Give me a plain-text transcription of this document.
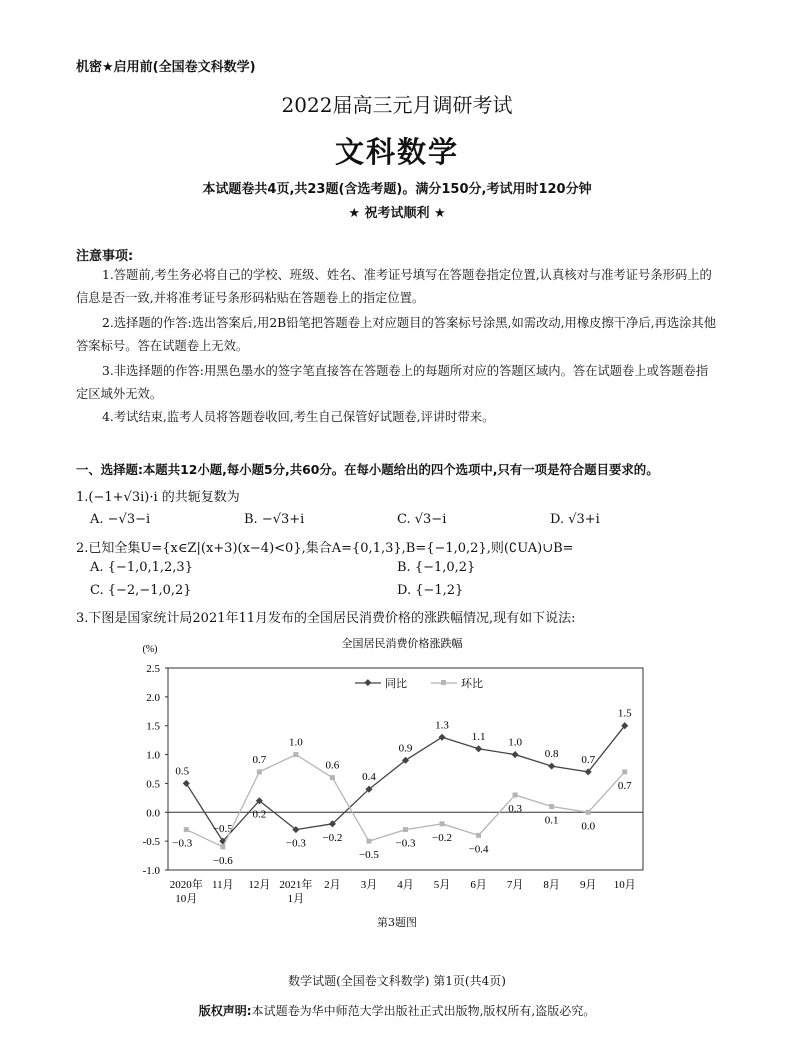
机密★启用前(全国卷文科数学)
2022届高三元月调研考试
文科数学
本试题卷共4页,共23题(含选考题)。满分150分,考试用时120分钟
★ 祝考试顺利 ★
注意事项:
1.答题前,考生务必将自己的学校、班级、姓名、准考证号填写在答题卷指定位置,认真核对与准考证号条形码上的信息是否一致,并将准考证号条形码粘贴在答题卷上的指定位置。
2.选择题的作答:选出答案后,用2B铅笔把答题卷上对应题目的答案标号涂黑,如需改动,用橡皮擦干净后,再选涂其他答案标号。答在试题卷上无效。
3.非选择题的作答:用黑色墨水的签字笔直接答在答题卷上的每题所对应的答题区域内。答在试题卷上或答题卷指定区域外无效。
4.考试结束,监考人员将答题卷收回,考生自己保管好试题卷,评讲时带来。
一、选择题:本题共12小题,每小题5分,共60分。在每小题给出的四个选项中,只有一项是符合题目要求的。
1.(−1+√3i)·i 的共轭复数为
A. −√3−i	B. −√3+i	C. √3−i	D. √3+i
2.已知全集U={x∈Z|(x+3)(x−4)<0},集合A={0,1,3},B={−1,0,2},则(∁UA)∪B=
A. {−1,0,1,2,3}	B. {−1,0,2}
C. {−2,−1,0,2}	D. {−1,2}
3.下图是国家统计局2021年11月发布的全国居民消费价格的涨跌幅情况,现有如下说法:
全国居民消费价格涨跌幅
(%)
同比	环比
2.5
2.0
1.5
1.0
0.5
0.0
-0.5
-1.0
2020年 10月
11月 12月 2021年 1月
2月 3月 4月 5月 6月 7月 8月 9月 10月
0.5
−0.5
0.2
−0.3 −0.2
0.4
0.9
1.3
1.1 1.0
0.8 0.7
1.5
−0.3
−0.6
0.7
1.0
0.6
−0.5
−0.3 −0.2
−0.4
0.3
0.1 0.0
0.7
第3题图
数学试题(全国卷文科数学) 第1页(共4页)
版权声明:本试题卷为华中师范大学出版社正式出版物,版权所有,盗版必究。
